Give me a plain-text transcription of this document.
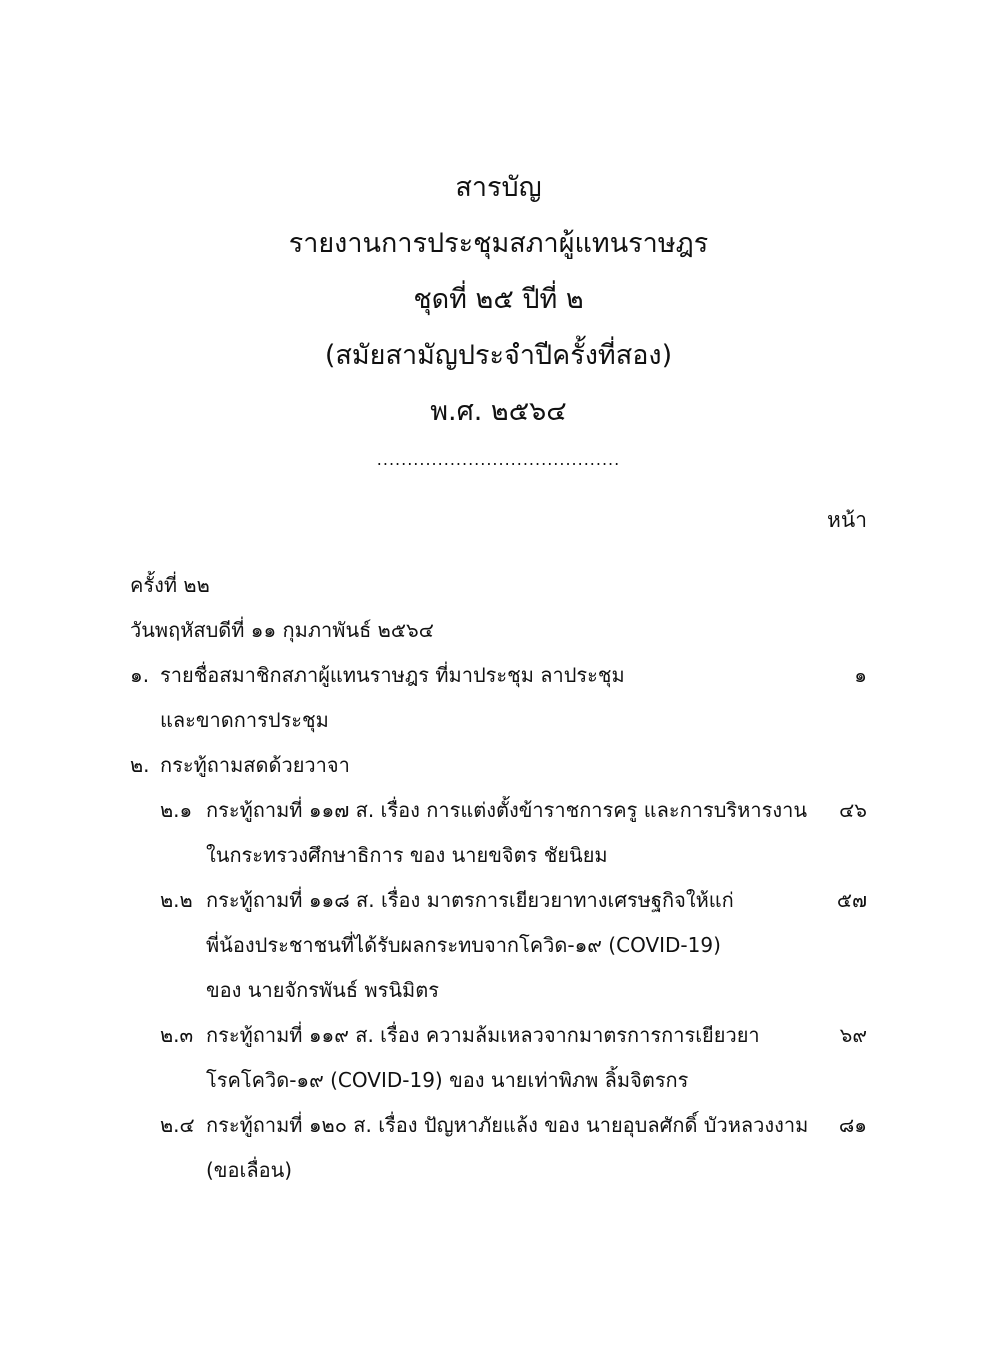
สารบัญ
รายงานการประชุมสภาผู้แทนราษฎร
ชุดที่ ๒๕ ปีที่ ๒
(สมัยสามัญประจำปีครั้งที่สอง)
พ.ศ. ๒๕๖๔
........................................
หน้า
ครั้งที่ ๒๒
วันพฤหัสบดีที่ ๑๑ กุมภาพันธ์ ๒๕๖๔
๑. รายชื่อสมาชิกสภาผู้แทนราษฎร ที่มาประชุม ลาประชุม	๑
และขาดการประชุม
๒. กระทู้ถามสดด้วยวาจา
๒.๑ กระทู้ถามที่ ๑๑๗ ส. เรื่อง การแต่งตั้งข้าราชการครู และการบริหารงาน	๔๖
ในกระทรวงศึกษาธิการ ของ นายขจิตร ชัยนิยม
๒.๒ กระทู้ถามที่ ๑๑๘ ส. เรื่อง มาตรการเยียวยาทางเศรษฐกิจให้แก่	๕๗
พี่น้องประชาชนที่ได้รับผลกระทบจากโควิด-๑๙ (COVID-19)
ของ นายจักรพันธ์ พรนิมิตร
๒.๓ กระทู้ถามที่ ๑๑๙ ส. เรื่อง ความล้มเหลวจากมาตรการการเยียวยา	๖๙
โรคโควิด-๑๙ (COVID-19) ของ นายเท่าพิภพ ลิ้มจิตรกร
๒.๔ กระทู้ถามที่ ๑๒๐ ส. เรื่อง ปัญหาภัยแล้ง ของ นายอุบลศักดิ์ บัวหลวงงาม	๘๑
(ขอเลื่อน)
